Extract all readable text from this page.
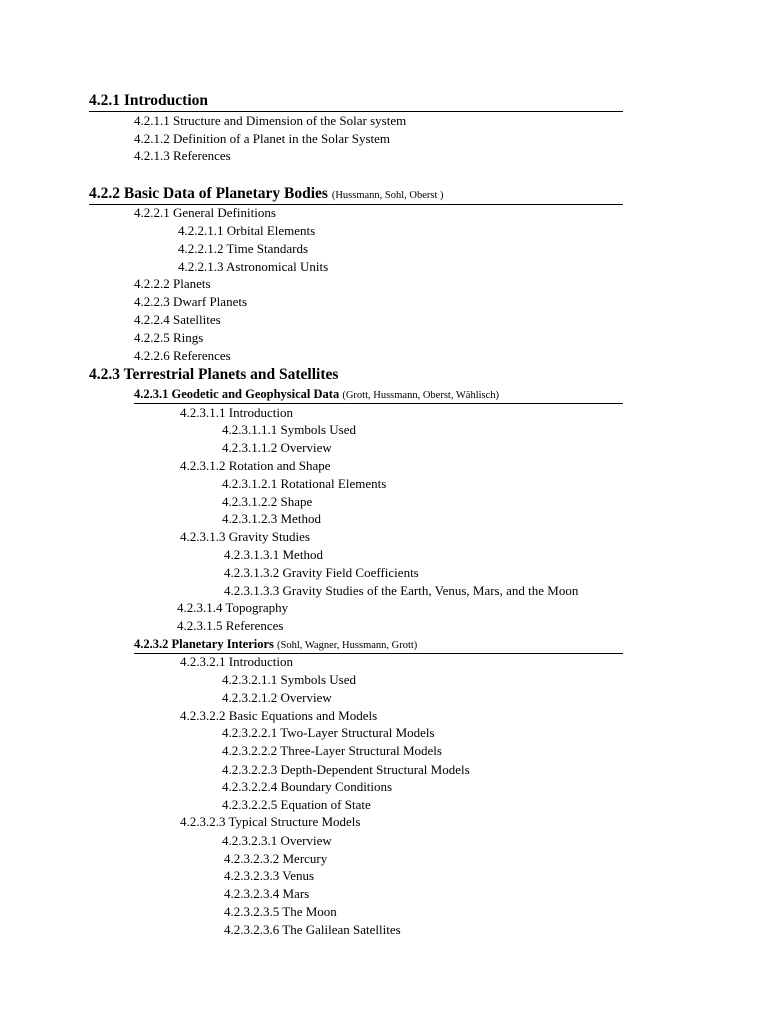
4.2.1 Introduction
4.2.1.1 Structure and Dimension of the Solar system
4.2.1.2 Definition of a Planet in the Solar System
4.2.1.3 References
4.2.2 Basic Data of Planetary Bodies (Hussmann, Sohl, Oberst )
4.2.2.1 General Definitions
4.2.2.1.1 Orbital Elements
4.2.2.1.2 Time Standards
4.2.2.1.3 Astronomical Units
4.2.2.2 Planets
4.2.2.3 Dwarf Planets
4.2.2.4 Satellites
4.2.2.5 Rings
4.2.2.6 References
4.2.3 Terrestrial Planets and Satellites
4.2.3.1 Geodetic and Geophysical Data (Grott, Hussmann, Oberst, Wählisch)
4.2.3.1.1 Introduction
4.2.3.1.1.1 Symbols Used
4.2.3.1.1.2 Overview
4.2.3.1.2 Rotation and Shape
4.2.3.1.2.1 Rotational Elements
4.2.3.1.2.2 Shape
4.2.3.1.2.3 Method
4.2.3.1.3 Gravity Studies
4.2.3.1.3.1 Method
4.2.3.1.3.2 Gravity Field Coefficients
4.2.3.1.3.3 Gravity Studies of the Earth, Venus, Mars, and the Moon
4.2.3.1.4 Topography
4.2.3.1.5 References
4.2.3.2 Planetary Interiors (Sohl, Wagner, Hussmann, Grott)
4.2.3.2.1 Introduction
4.2.3.2.1.1 Symbols Used
4.2.3.2.1.2 Overview
4.2.3.2.2 Basic Equations and Models
4.2.3.2.2.1 Two-Layer Structural Models
4.2.3.2.2.2 Three-Layer Structural Models
4.2.3.2.2.3 Depth-Dependent Structural Models
4.2.3.2.2.4 Boundary Conditions
4.2.3.2.2.5 Equation of State
4.2.3.2.3 Typical Structure Models
4.2.3.2.3.1 Overview
4.2.3.2.3.2 Mercury
4.2.3.2.3.3 Venus
4.2.3.2.3.4 Mars
4.2.3.2.3.5 The Moon
4.2.3.2.3.6 The Galilean Satellites
